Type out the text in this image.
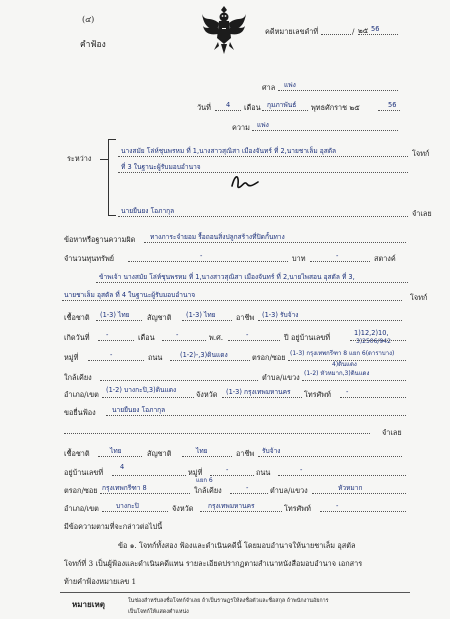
(๔)
คำฟ้อง
คดีหมายเลขดำที่	/ ๒๕ 56
ศาล แพ่ง
วันที่ 4 เดือน กุมภาพันธ์ พุทธศักราช ๒๕	56
ความ แพ่ง
ระหว่าง
นางสมัย โล่ห์ชุนพรหม ที่ 1,นางสาวสุณิสา เมืองจันทร์ ที่ 2,นายชาเล็ม อุสตัล	โจทก์
ที่ 3 ในฐานะผู้รับมอบอำนาจ
นายยืนยง โอภากุล	จำเลย
ข้อหาหรือฐานความผิด ทางภาระจำยอม รื้อถอนสิ่งปลูกสร้างที่ปิดกั้นทาง
จำนวนทุนทรัพย์	-	บาท	-	สตางค์
ข้าพเจ้า นางสมัย โล่ห์ชุนพรหม ที่ 1,นางสาวสุณิสา เมืองจันทร์ ที่ 2,นายไพสอน อุสตัล ที่ 3,
นายชาเล็ม อุสตัล ที่ 4 ในฐานะผู้รับมอบอำนาจ	โจทก์
เชื้อชาติ (1-3) ไทย สัญชาติ (1-3) ไทย	อาชีพ (1-3) รับจ้าง
เกิดวันที่ -	เดือน	-	พ.ศ.	-	ปี อยู่บ้านเลขที่	1)12,2)10,
3)2506/942
หมู่ที่	-	ถนน	(1-2)-,3)ดินแดง	ตรอก/ซอย (1-3) กรุงเทพกรีฑา 8 แยก 6(ดาราบาง)
ใกล้เคียง	ตำบล/แขวง
4)ดินแดง
(1-2) หัวหมาก,3)ดินแดง
อำเภอ/เขต (1-2) บางกะปิ,3)ดินแดง	จังหวัด (1-3) กรุงเทพมหานคร โทรศัพท์ -
ขอยื่นฟ้อง นายยืนยง โอภากุล
จำเลย
เชื้อชาติ	ไทย	สัญชาติ	ไทย	อาชีพ รับจ้าง
อยู่บ้านเลขที่
4
หมู่ที่	-	ถนน	-
ตรอก/ซอย กรุงเทพกรีฑา 8
แยก 6
ใกล้เคียง	-	ตำบล/แขวง	หัวหมาก
อำเภอ/เขต	บางกะปิ	จังหวัด กรุงเทพมหานคร	โทรศัพท์	-
มีข้อความตามที่จะกล่าวต่อไปนี้
ข้อ ๑. โจทก์ทั้งสอง ฟ้องและดำเนินคดีนี้ โดยมอบอำนาจให้นายชาเล็ม อุสตัล
โจทก์ที่ 3 เป็นผู้ฟ้องและดำเนินคดีแทน รายละเอียดปรากฏตามสำเนาหนังสือมอบอำนาจ เอกสาร
ท้ายคำฟ้องหมายเลข 1
หมายเหตุ	ในช่องสำหรับลงชื่อโจทก์จำเลย ถ้าเป็นราษฎรให้ลงชื่อตัวและชื่อสกุล ถ้าพนักงานอัยการ
เป็นโจทก์ให้แสดงตำแหน่ง
